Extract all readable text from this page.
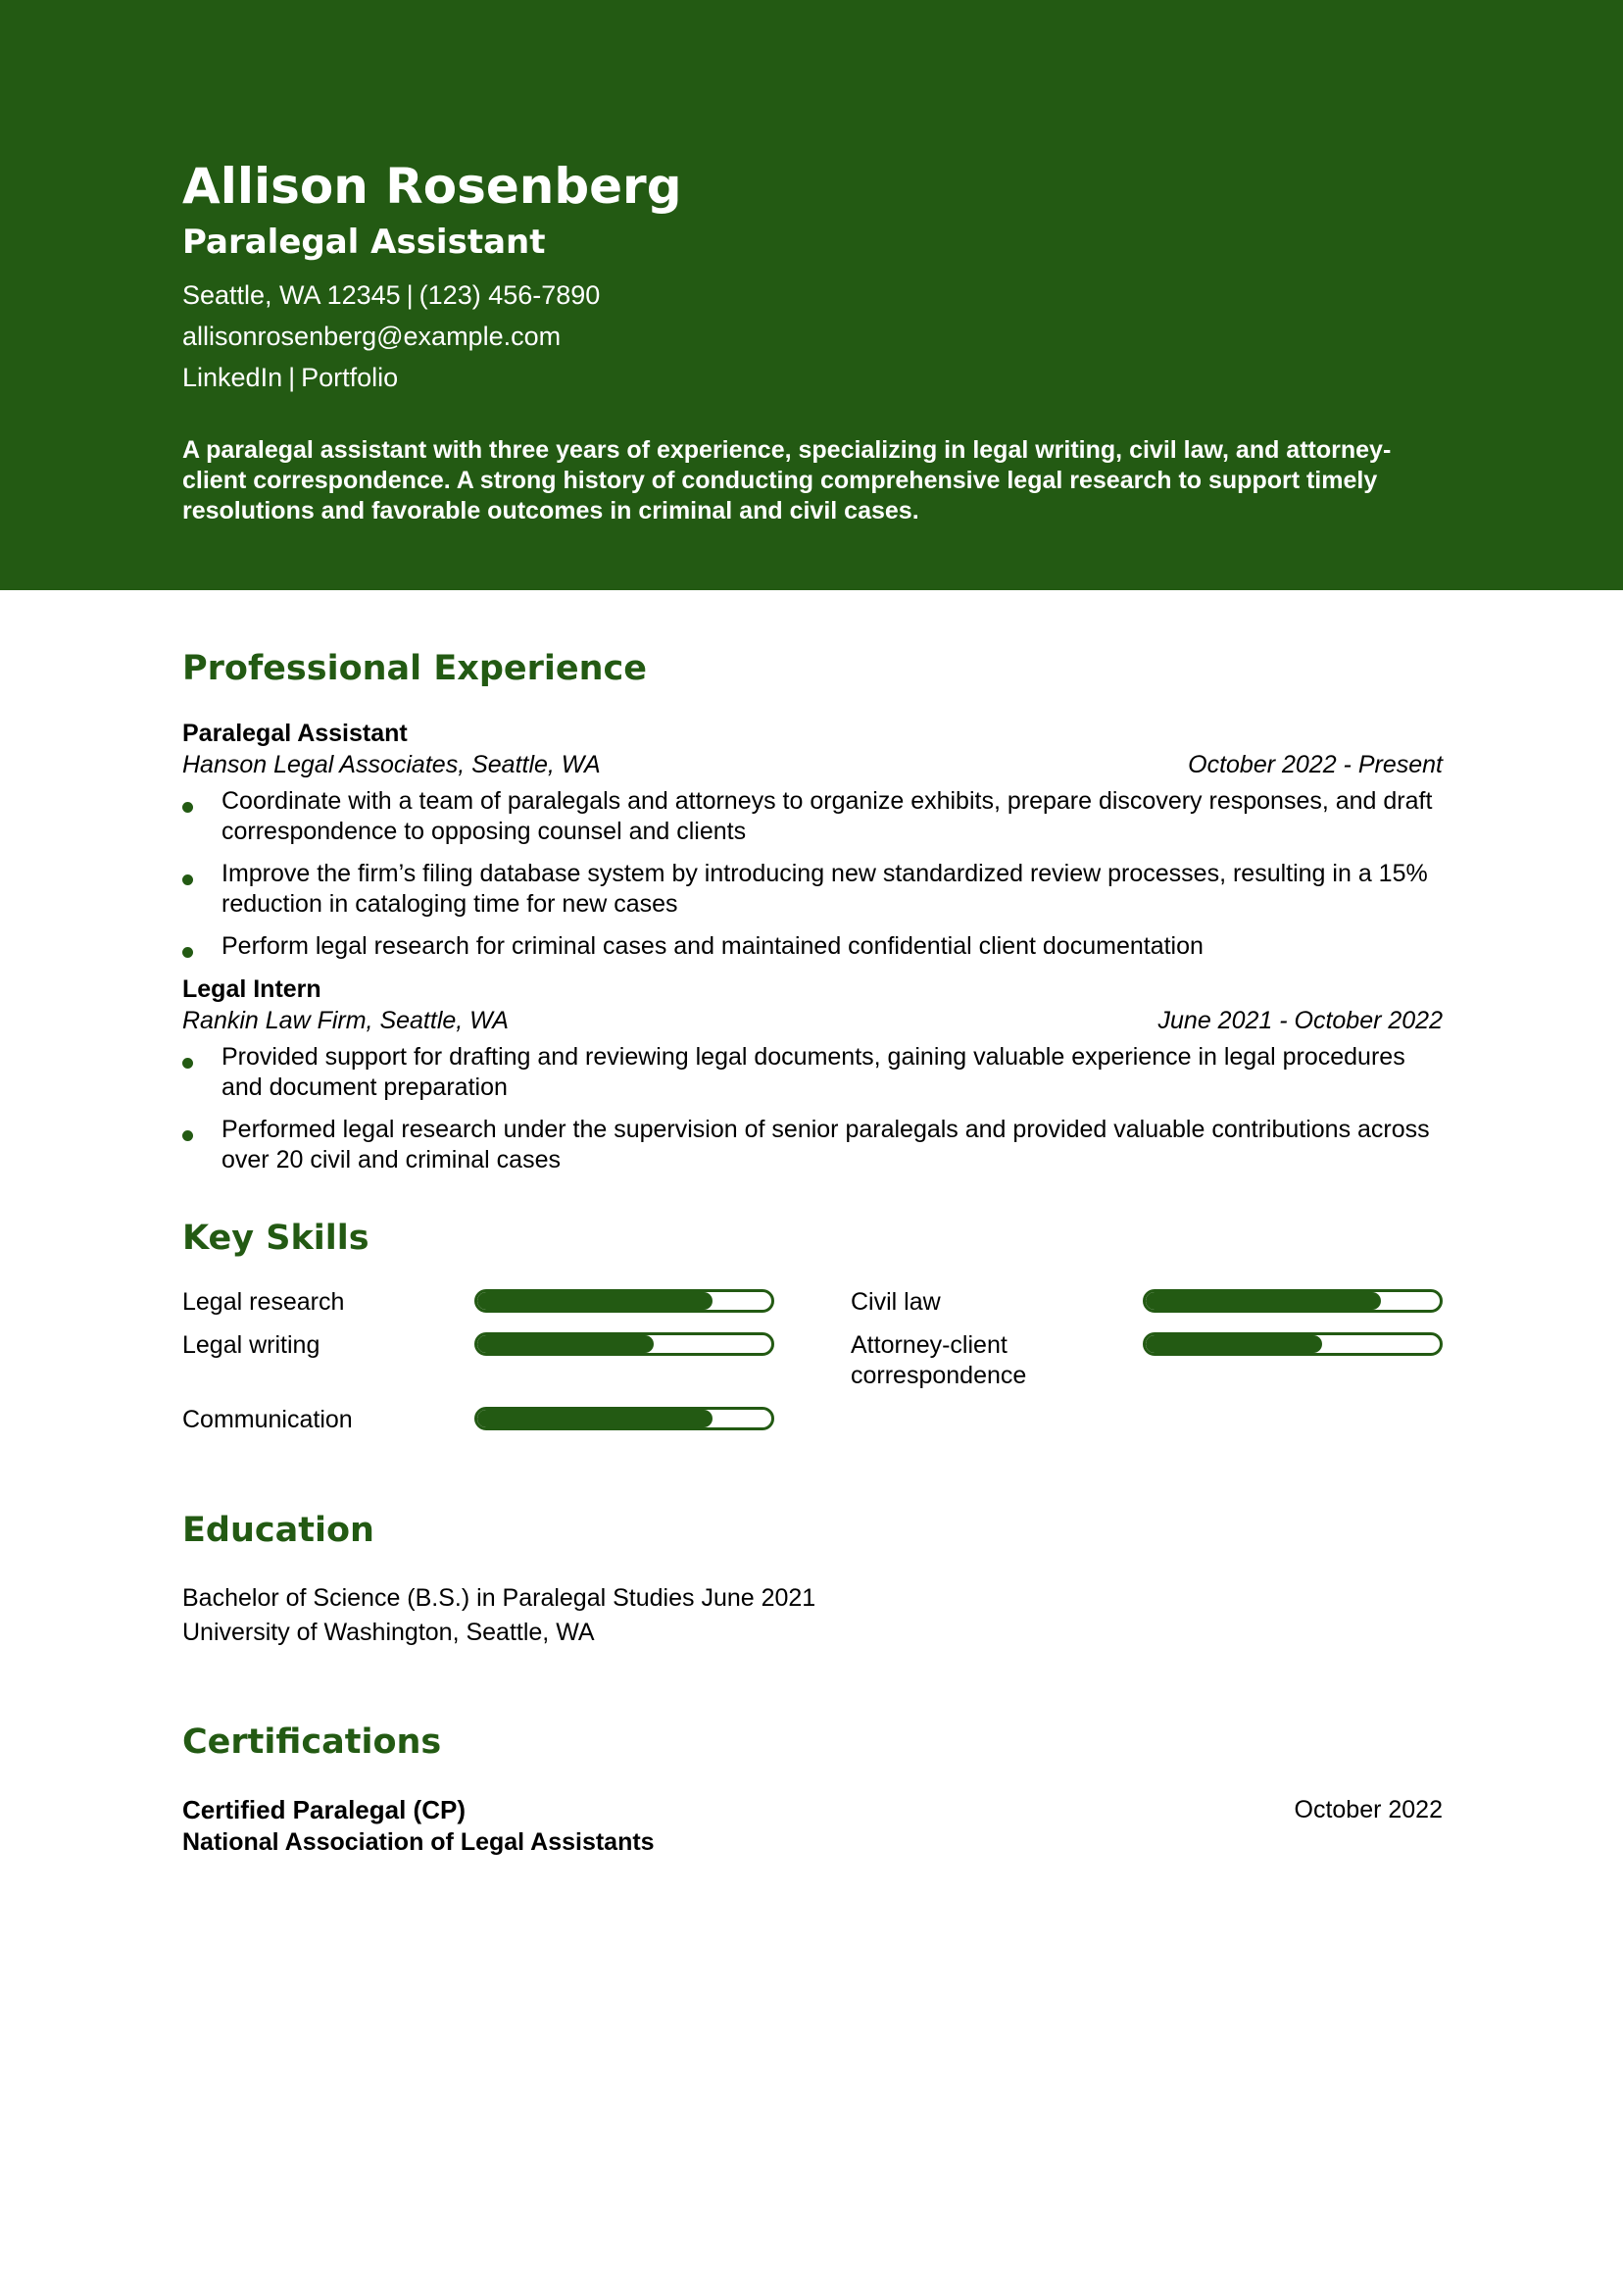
Allison Rosenberg
Paralegal Assistant
Seattle, WA 12345 | (123) 456-7890
allisonrosenberg@example.com
LinkedIn | Portfolio
A paralegal assistant with three years of experience, specializing in legal writing, civil law, and attorney-client correspondence. A strong history of conducting comprehensive legal research to support timely resolutions and favorable outcomes in criminal and civil cases.
Professional Experience
Paralegal Assistant
Hanson Legal Associates, Seattle, WA	October 2022 - Present
Coordinate with a team of paralegals and attorneys to organize exhibits, prepare discovery responses, and draft correspondence to opposing counsel and clients
Improve the firm’s filing database system by introducing new standardized review processes, resulting in a 15% reduction in cataloging time for new cases
Perform legal research for criminal cases and maintained confidential client documentation
Legal Intern
Rankin Law Firm, Seattle, WA	June 2021 - October 2022
Provided support for drafting and reviewing legal documents, gaining valuable experience in legal procedures and document preparation
Performed legal research under the supervision of senior paralegals and provided valuable contributions across over 20 civil and criminal cases
Key Skills
Legal research	Civil law
Legal writing	Attorney-client correspondence
Communication
Education
Bachelor of Science (B.S.) in Paralegal Studies June 2021
University of Washington, Seattle, WA
Certifications
Certified Paralegal (CP)
National Association of Legal Assistants
October 2022
